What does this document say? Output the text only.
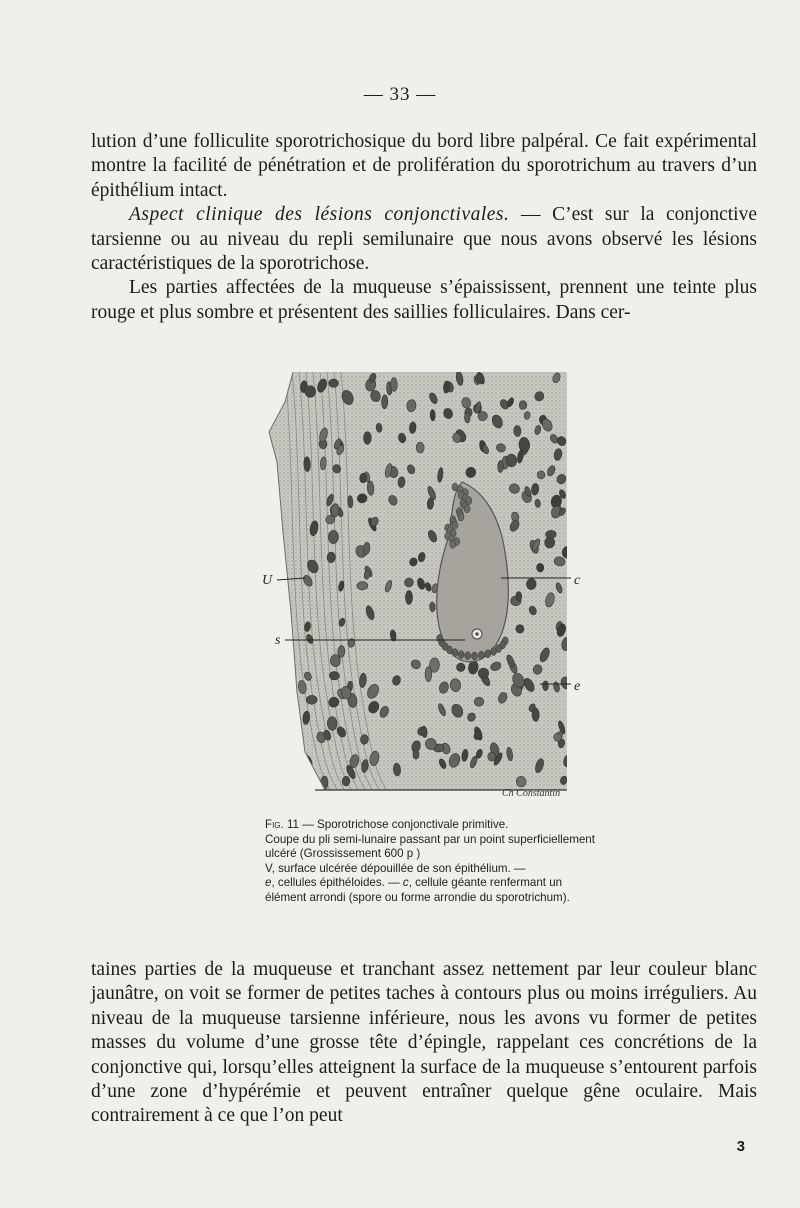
— 33 —

lution d’une folliculite sporotrichosique du bord libre palpéral. Ce fait expérimental montre la facilité de pénétration et de prolifération du sporotrichum au travers d’un épithélium intact.

Aspect clinique des lésions conjonctivales. — C’est sur la conjonctive tarsienne ou au niveau du repli semilunaire que nous avons observé les lésions caractéristiques de la sporotrichose.

Les parties affectées de la muqueuse s’épaississent, prennent une teinte plus rouge et plus sombre et présentent des saillies folliculaires. Dans cer-

U
s
c
e
Ch Constantin

Fig. 11 — Sporotrichose conjonctivale primitive.

Coupe du pli semi-lunaire passant par un point superficiellement ulcéré (Grossissement 600 p )

V, surface ulcérée dépouillée de son épithélium. —

e, cellules épithéloides. — c, cellule géante renfermant un élément arrondi (spore ou forme arrondie du sporotrichum).

taines parties de la muqueuse et tranchant assez nettement par leur couleur blanc jaunâtre, on voit se former de petites taches à contours plus ou moins irréguliers. Au niveau de la muqueuse tarsienne inférieure, nous les avons vu former de petites masses du volume d’une grosse tête d’épingle, rappelant ces concrétions de la conjonctive qui, lorsqu’elles atteignent la surface de la muqueuse s’entourent parfois d’une zone d’hypérémie et peuvent entraîner quelque gêne oculaire. Mais contrairement à ce que l’on peut

3
